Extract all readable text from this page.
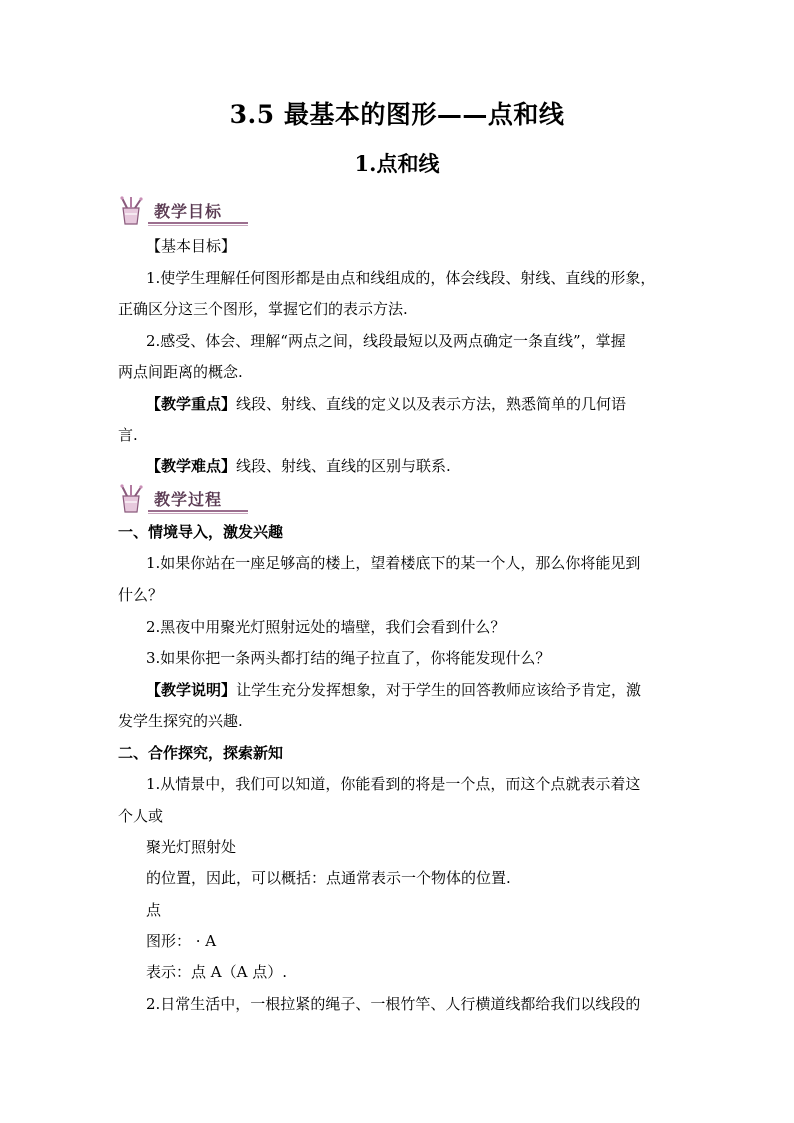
3.5 最基本的图形——点和线
1.点和线
教学目标
【基本目标】
1.使学生理解任何图形都是由点和线组成的，体会线段、射线、直线的形象，
正确区分这三个图形，掌握它们的表示方法.
2.感受、体会、理解“两点之间，线段最短以及两点确定一条直线”，掌握
两点间距离的概念.
【教学重点】线段、射线、直线的定义以及表示方法，熟悉简单的几何语
言.
【教学难点】线段、射线、直线的区别与联系.
教学过程
一、情境导入，激发兴趣
1.如果你站在一座足够高的楼上，望着楼底下的某一个人，那么你将能见到
什么？
2.黑夜中用聚光灯照射远处的墙壁，我们会看到什么？
3.如果你把一条两头都打结的绳子拉直了，你将能发现什么？
【教学说明】让学生充分发挥想象，对于学生的回答教师应该给予肯定，激
发学生探究的兴趣.
二、合作探究，探索新知
1.从情景中，我们可以知道，你能看到的将是一个点，而这个点就表示着这
个人或
聚光灯照射处
的位置，因此，可以概括：点通常表示一个物体的位置.
点
图形： · A
表示：点 A（A 点）.
2.日常生活中，一根拉紧的绳子、一根竹竿、人行横道线都给我们以线段的
